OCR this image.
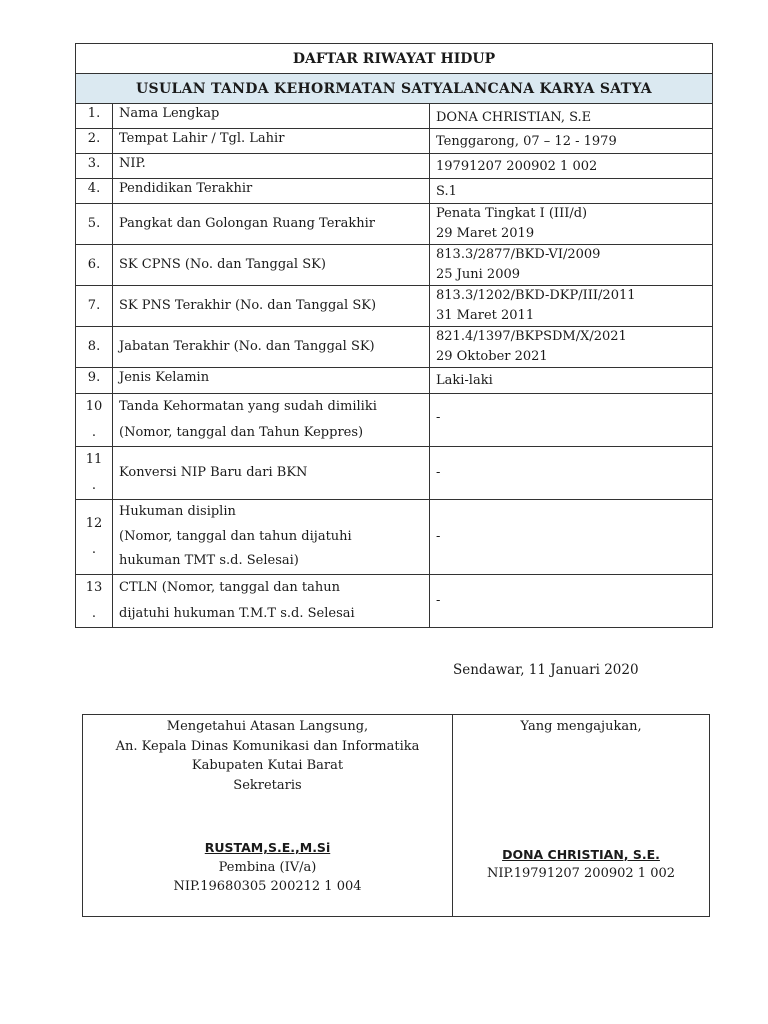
DAFTAR RIWAYAT HIDUP		
USULAN TANDA KEHORMATAN SATYALANCANA KARYA SATYA		
1.	Nama Lengkap	DONA CHRISTIAN, S.E
2.	Tempat Lahir / Tgl. Lahir	Tenggarong, 07 – 12 - 1979
3.	NIP.	19791207 200902 1 002
4.	Pendidikan Terakhir	S.1
5.	Pangkat dan Golongan Ruang Terakhir	Penata Tingkat I (III/d)
29 Maret 2019

6.	SK CPNS (No. dan Tanggal SK)	813.3/2877/BKD-VI/2009
25 Juni 2009

7.	SK PNS Terakhir (No. dan Tanggal SK)	813.3/1202/BKD-DKP/III/2011
31 Maret 2011

8.	Jabatan Terakhir (No. dan Tanggal SK)	821.4/1397/BKPSDM/X/2021
29 Oktober 2021

9.	Jenis Kelamin	Laki-laki

10
.	Tanda Kehormatan yang sudah dimiliki
(Nomor, tanggal dan Tahun Keppres)	-

11
.	Konversi NIP Baru dari BKN	-

12
.	Hukuman disiplin
(Nomor, tanggal dan tahun dijatuhi
hukuman TMT s.d. Selesai)	-

13
.	CTLN (Nomor, tanggal dan tahun
dijatuhi hukuman T.M.T s.d. Selesai	-
Sendawar, 11 Januari 2020
Mengetahui Atasan Langsung,
An. Kepala Dinas Komunikasi dan Informatika
Kabupaten Kutai Barat
Sekretaris
RUSTAM,S.E.,M.Si
Pembina (IV/a)
NIP.19680305 200212 1 004

Yang mengajukan,
DONA CHRISTIAN, S.E.
NIP.19791207 200902 1 002
